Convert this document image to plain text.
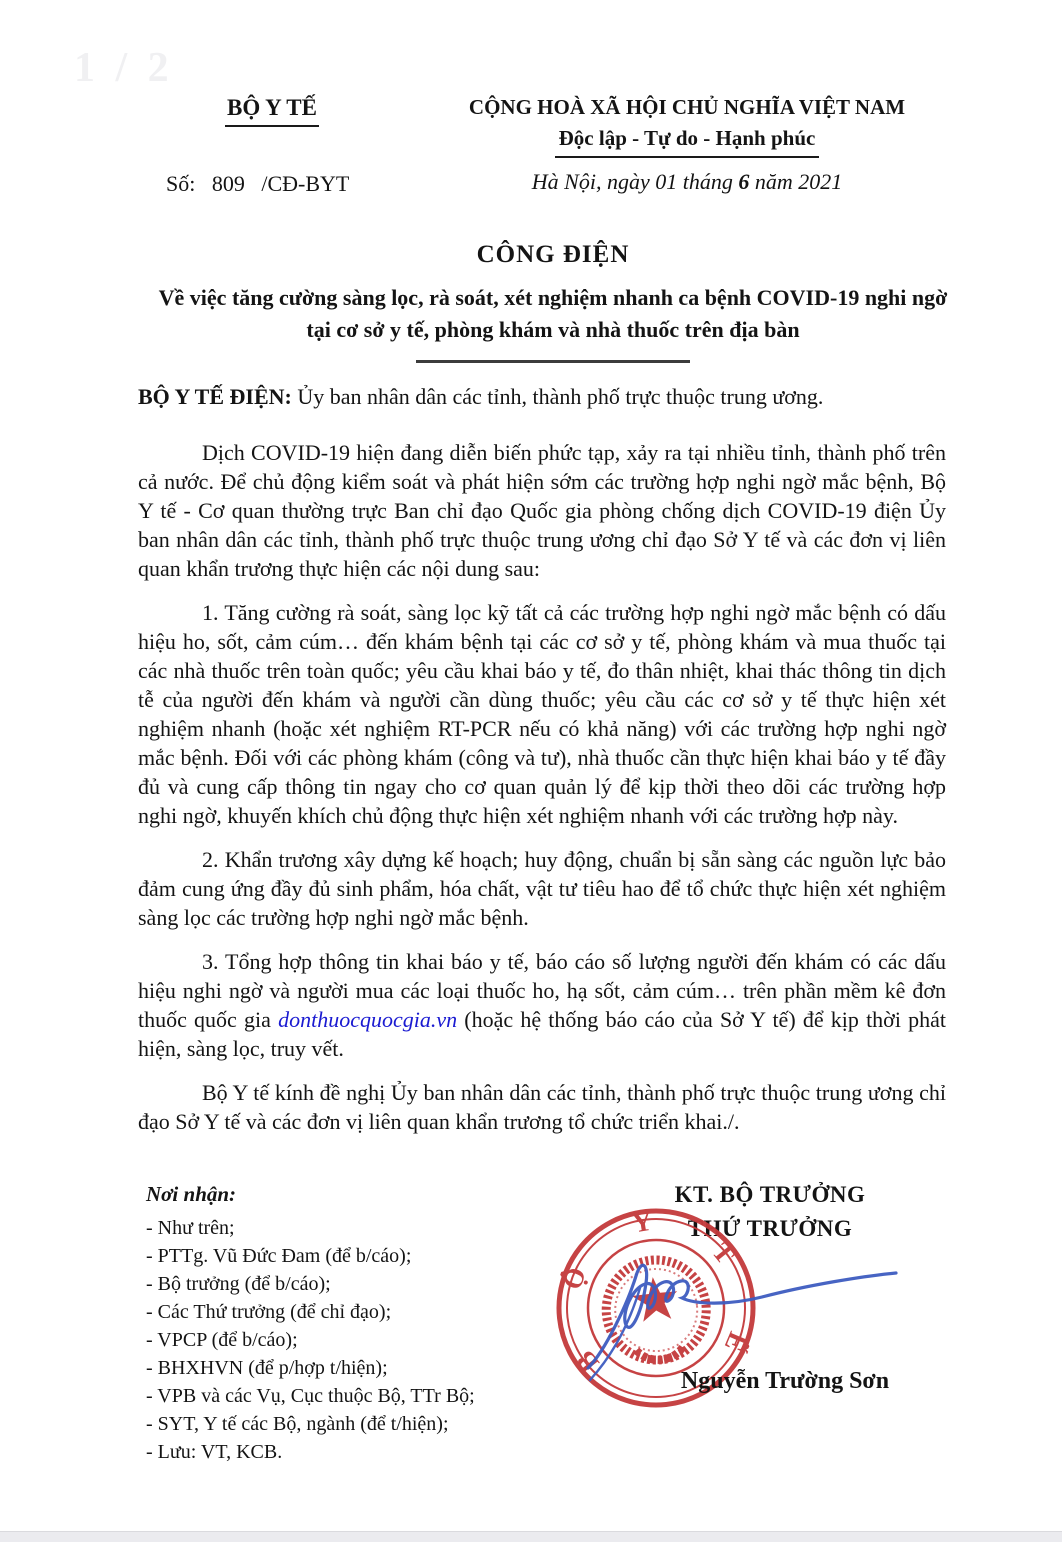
1 / 2
BỘ Y TẾ
Số:   809   /CĐ-BYT
CỘNG HOÀ XÃ HỘI CHỦ NGHĨA VIỆT NAM
Độc lập - Tự do - Hạnh phúc
Hà Nội, ngày 01 tháng 6 năm 2021
CÔNG ĐIỆN
Về việc tăng cường sàng lọc, rà soát, xét nghiệm nhanh ca bệnh COVID-19 nghi ngờ tại cơ sở y tế, phòng khám và nhà thuốc trên địa bàn
BỘ Y TẾ ĐIỆN: Ủy ban nhân dân các tỉnh, thành phố trực thuộc trung ương.

Dịch COVID-19 hiện đang diễn biến phức tạp, xảy ra tại nhiều tỉnh, thành phố trên cả nước. Để chủ động kiểm soát và phát hiện sớm các trường hợp nghi ngờ mắc bệnh, Bộ Y tế - Cơ quan thường trực Ban chỉ đạo Quốc gia phòng chống dịch COVID-19 điện Ủy ban nhân dân các tỉnh, thành phố trực thuộc trung ương chỉ đạo Sở Y tế và các đơn vị liên quan khẩn trương thực hiện các nội dung sau:

1. Tăng cường rà soát, sàng lọc kỹ tất cả các trường hợp nghi ngờ mắc bệnh có dấu hiệu ho, sốt, cảm cúm… đến khám bệnh tại các cơ sở y tế, phòng khám và mua thuốc tại các nhà thuốc trên toàn quốc; yêu cầu khai báo y tế, đo thân nhiệt, khai thác thông tin dịch tễ của người đến khám và người cần dùng thuốc; yêu cầu các cơ sở y tế thực hiện xét nghiệm nhanh (hoặc xét nghiệm RT-PCR nếu có khả năng) với các trường hợp nghi ngờ mắc bệnh. Đối với các phòng khám (công và tư), nhà thuốc cần thực hiện khai báo y tế đầy đủ và cung cấp thông tin ngay cho cơ quan quản lý để kịp thời theo dõi các trường hợp nghi ngờ, khuyến khích chủ động thực hiện xét nghiệm nhanh với các trường hợp này.

2. Khẩn trương xây dựng kế hoạch; huy động, chuẩn bị sẵn sàng các nguồn lực bảo đảm cung ứng đầy đủ sinh phẩm, hóa chất, vật tư tiêu hao để tổ chức thực hiện xét nghiệm sàng lọc các trường hợp nghi ngờ mắc bệnh.

3. Tổng hợp thông tin khai báo y tế, báo cáo số lượng người đến khám có các dấu hiệu nghi ngờ và người mua các loại thuốc ho, hạ sốt, cảm cúm… trên phần mềm kê đơn thuốc quốc gia donthuocquocgia.vn (hoặc hệ thống báo cáo của Sở Y tế) để kịp thời phát hiện, sàng lọc, truy vết.

Bộ Y tế kính đề nghị Ủy ban nhân dân các tỉnh, thành phố trực thuộc trung ương chỉ đạo Sở Y tế và các đơn vị liên quan khẩn trương tổ chức triển khai./.

Nơi nhận:
- Như trên;
- PTTg. Vũ Đức Đam (để b/cáo);
- Bộ trưởng (để b/cáo);
- Các Thứ trưởng (để chỉ đạo);
- VPCP (để b/cáo);
- BHXHVN (để p/hợp t/hiện);
- VPB và các Vụ, Cục thuộc Bộ, TTr Bộ;
- SYT, Y tế các Bộ, ngành (để t/hiện);
- Lưu: VT, KCB.
KT. BỘ TRƯỞNG
THỨ TRƯỞNG
B
Ộ
Y
T
Ế
Nguyễn Trường Sơn
